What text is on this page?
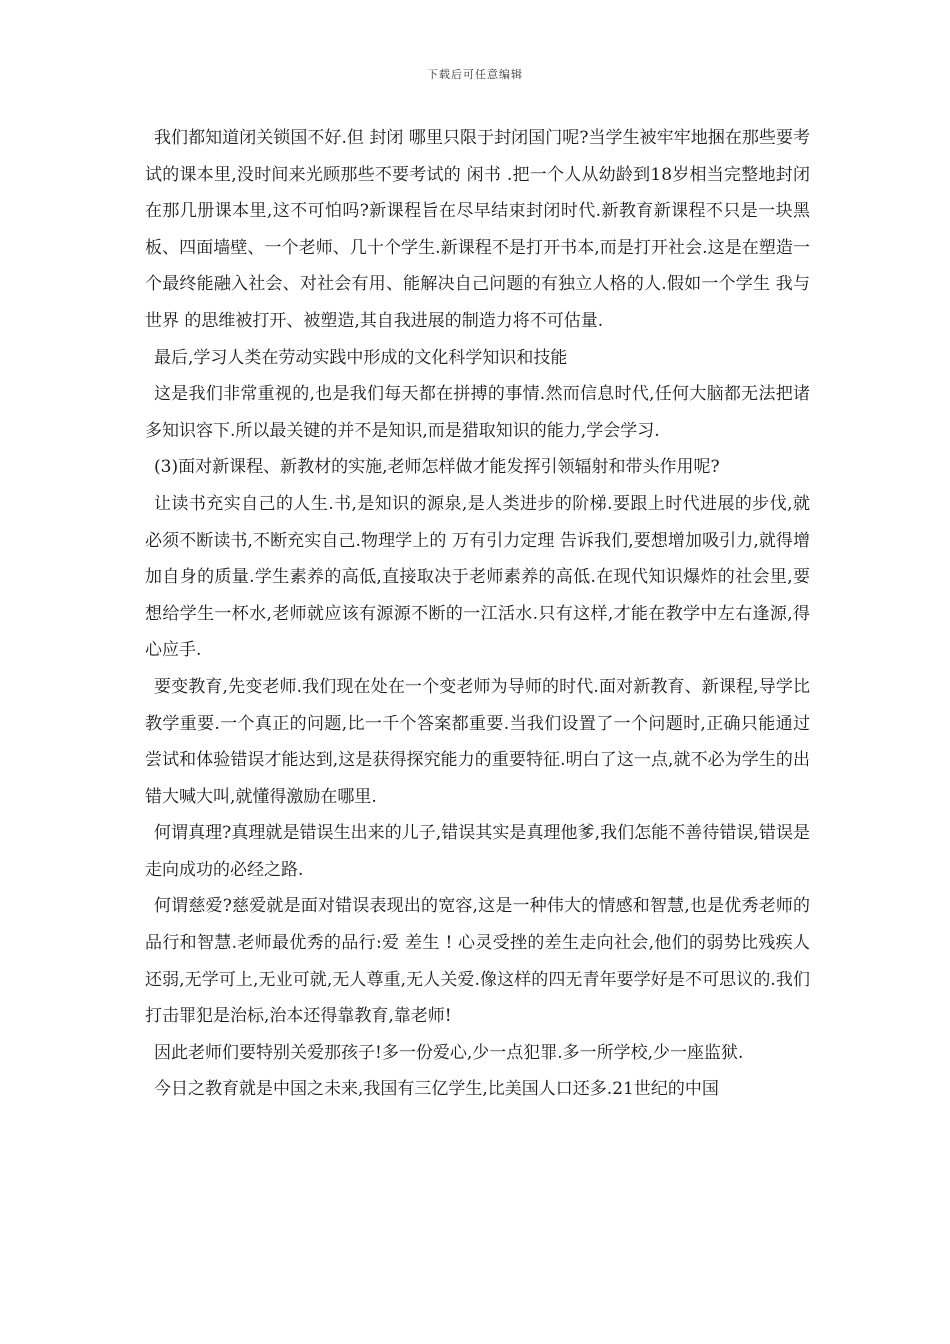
下载后可任意编辑

我们都知道闭关锁国不好.但 封闭 哪里只限于封闭国门呢?当学生被牢牢地捆在那些要考试的课本里,没时间来光顾那些不要考试的 闲书 .把一个人从幼龄到18岁相当完整地封闭在那几册课本里,这不可怕吗?新课程旨在尽早结束封闭时代.新教育新课程不只是一块黑板、四面墙壁、一个老师、几十个学生.新课程不是打开书本,而是打开社会.这是在塑造一个最终能融入社会、对社会有用、能解决自己问题的有独立人格的人.假如一个学生 我与世界 的思维被打开、被塑造,其自我进展的制造力将不可估量.

最后,学习人类在劳动实践中形成的文化科学知识和技能

这是我们非常重视的,也是我们每天都在拼搏的事情.然而信息时代,任何大脑都无法把诸多知识容下.所以最关键的并不是知识,而是猎取知识的能力,学会学习.

(3)面对新课程、新教材的实施,老师怎样做才能发挥引领辐射和带头作用呢?

让读书充实自己的人生.书,是知识的源泉,是人类进步的阶梯.要跟上时代进展的步伐,就必须不断读书,不断充实自己.物理学上的 万有引力定理 告诉我们,要想增加吸引力,就得增加自身的质量.学生素养的高低,直接取决于老师素养的高低.在现代知识爆炸的社会里,要想给学生一杯水,老师就应该有源源不断的一江活水.只有这样,才能在教学中左右逢源,得心应手.

要变教育,先变老师.我们现在处在一个变老师为导师的时代.面对新教育、新课程,导学比教学重要.一个真正的问题,比一千个答案都重要.当我们设置了一个问题时,正确只能通过尝试和体验错误才能达到,这是获得探究能力的重要特征.明白了这一点,就不必为学生的出错大喊大叫,就懂得激励在哪里.

何谓真理?真理就是错误生出来的儿子,错误其实是真理他爹,我们怎能不善待错误,错误是走向成功的必经之路.

何谓慈爱?慈爱就是面对错误表现出的宽容,这是一种伟大的情感和智慧,也是优秀老师的品行和智慧.老师最优秀的品行:爱 差生 ! 心灵受挫的差生走向社会,他们的弱势比残疾人还弱,无学可上,无业可就,无人尊重,无人关爱.像这样的四无青年要学好是不可思议的.我们打击罪犯是治标,治本还得靠教育,靠老师!

因此老师们要特别关爱那孩子!多一份爱心,少一点犯罪.多一所学校,少一座监狱.

今日之教育就是中国之未来,我国有三亿学生,比美国人口还多.21世纪的中国
